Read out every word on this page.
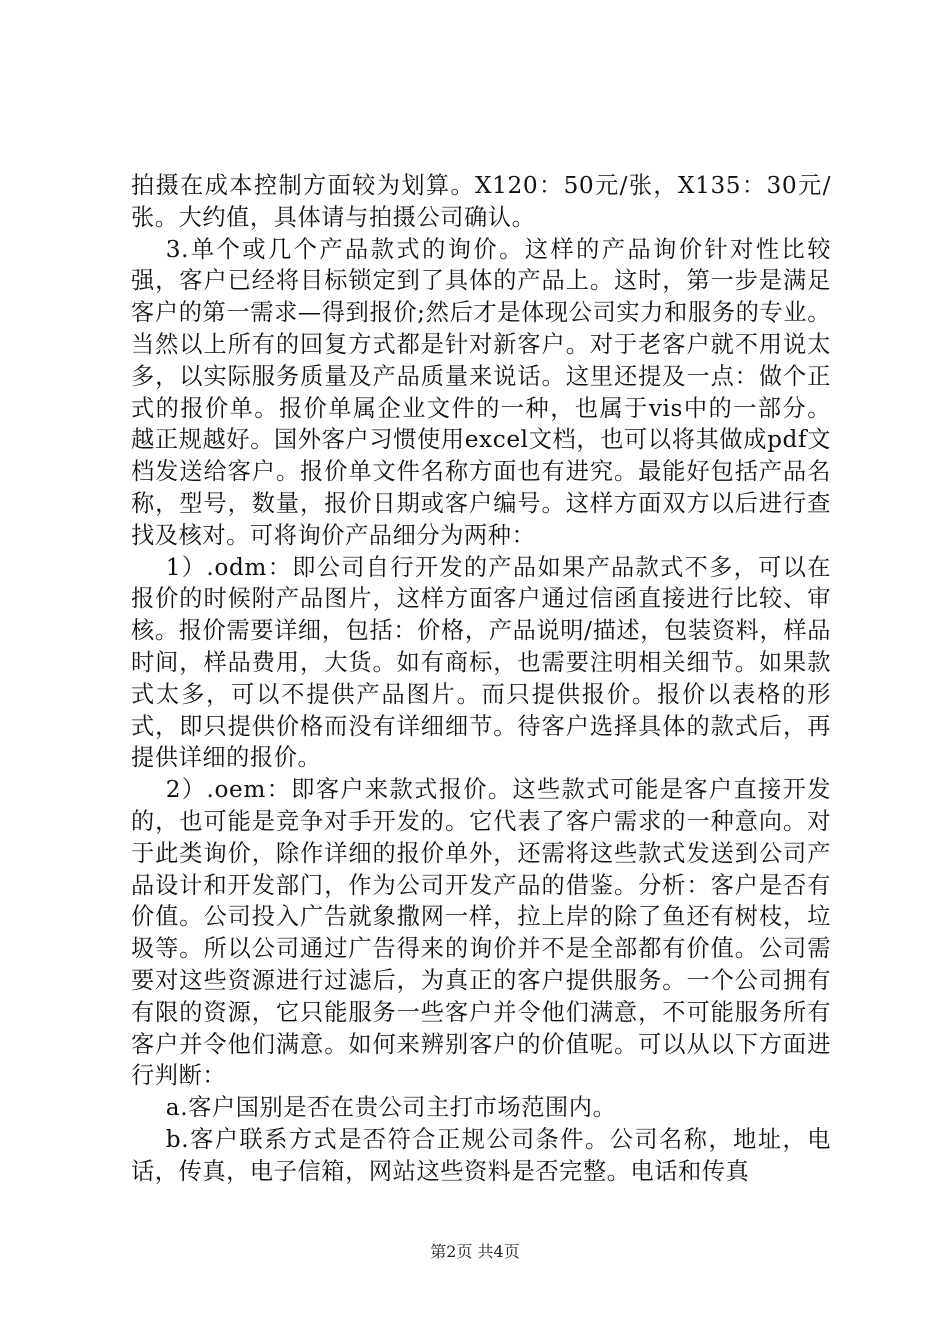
拍摄在成本控制方面较为划算。X120：50元/张，X135：30元/张。大约值，具体请与拍摄公司确认。

3.单个或几个产品款式的询价。这样的产品询价针对性比较强，客户已经将目标锁定到了具体的产品上。这时，第一步是满足客户的第一需求—得到报价;然后才是体现公司实力和服务的专业。当然以上所有的回复方式都是针对新客户。对于老客户就不用说太多，以实际服务质量及产品质量来说话。这里还提及一点：做个正式的报价单。报价单属企业文件的一种，也属于vis中的一部分。越正规越好。国外客户习惯使用excel文档，也可以将其做成pdf文档发送给客户。报价单文件名称方面也有进究。最能好包括产品名称，型号，数量，报价日期或客户编号。这样方面双方以后进行查找及核对。可将询价产品细分为两种：

1）.odm：即公司自行开发的产品如果产品款式不多，可以在报价的时候附产品图片，这样方面客户通过信函直接进行比较、审核。报价需要详细，包括：价格，产品说明/描述，包装资料，样品时间，样品费用，大货。如有商标，也需要注明相关细节。如果款式太多，可以不提供产品图片。而只提供报价。报价以表格的形式，即只提供价格而没有详细细节。待客户选择具体的款式后，再提供详细的报价。

2）.oem：即客户来款式报价。这些款式可能是客户直接开发的，也可能是竞争对手开发的。它代表了客户需求的一种意向。对于此类询价，除作详细的报价单外，还需将这些款式发送到公司产品设计和开发部门，作为公司开发产品的借鉴。分析：客户是否有价值。公司投入广告就象撒网一样，拉上岸的除了鱼还有树枝，垃圾等。所以公司通过广告得来的询价并不是全部都有价值。公司需要对这些资源进行过滤后，为真正的客户提供服务。一个公司拥有有限的资源，它只能服务一些客户并令他们满意，不可能服务所有客户并令他们满意。如何来辨别客户的价值呢。可以从以下方面进行判断：

a.客户国别是否在贵公司主打市场范围内。

b.客户联系方式是否符合正规公司条件。公司名称，地址，电话，传真，电子信箱，网站这些资料是否完整。电话和传真

第2页 共4页
